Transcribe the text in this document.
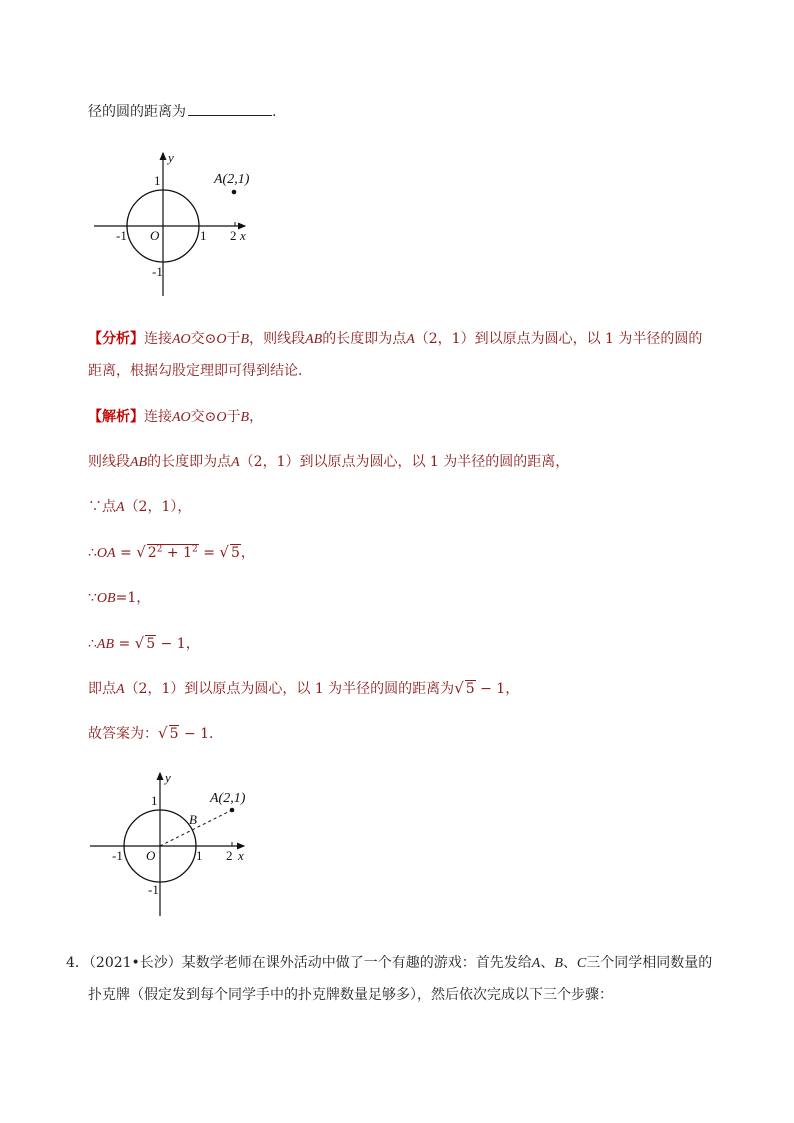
径的圆的距离为	.
A(2,1)
y
x
1
-1 O	1 2
-1
【分析】连接AO交⊙O于B，则线段AB的长度即为点A（2，1）到以原点为圆心，以 1 为半径的圆的
距离，根据勾股定理即可得到结论．
【解析】连接AO交⊙O于B，
则线段AB的长度即为点A（2，1）到以原点为圆心，以 1 为半径的圆的距离，
∵点A（2，1），
∴OA = √ $2^2 + 1^2$ = √ 5，
∵OB=1，
∴AB = √ 5 − 1，
即点A（2，1）到以原点为圆心，以 1 为半径的圆的距离为√ 5 − 1，
故答案为：√ 5 − 1．
A(2,1)
B
y
x
1
-1 O	1 2
-1
4．（2021•长沙）某数学老师在课外活动中做了一个有趣的游戏：首先发给A、B、C三个同学相同数量的
扑克牌（假定发到每个同学手中的扑克牌数量足够多），然后依次完成以下三个步骤：
